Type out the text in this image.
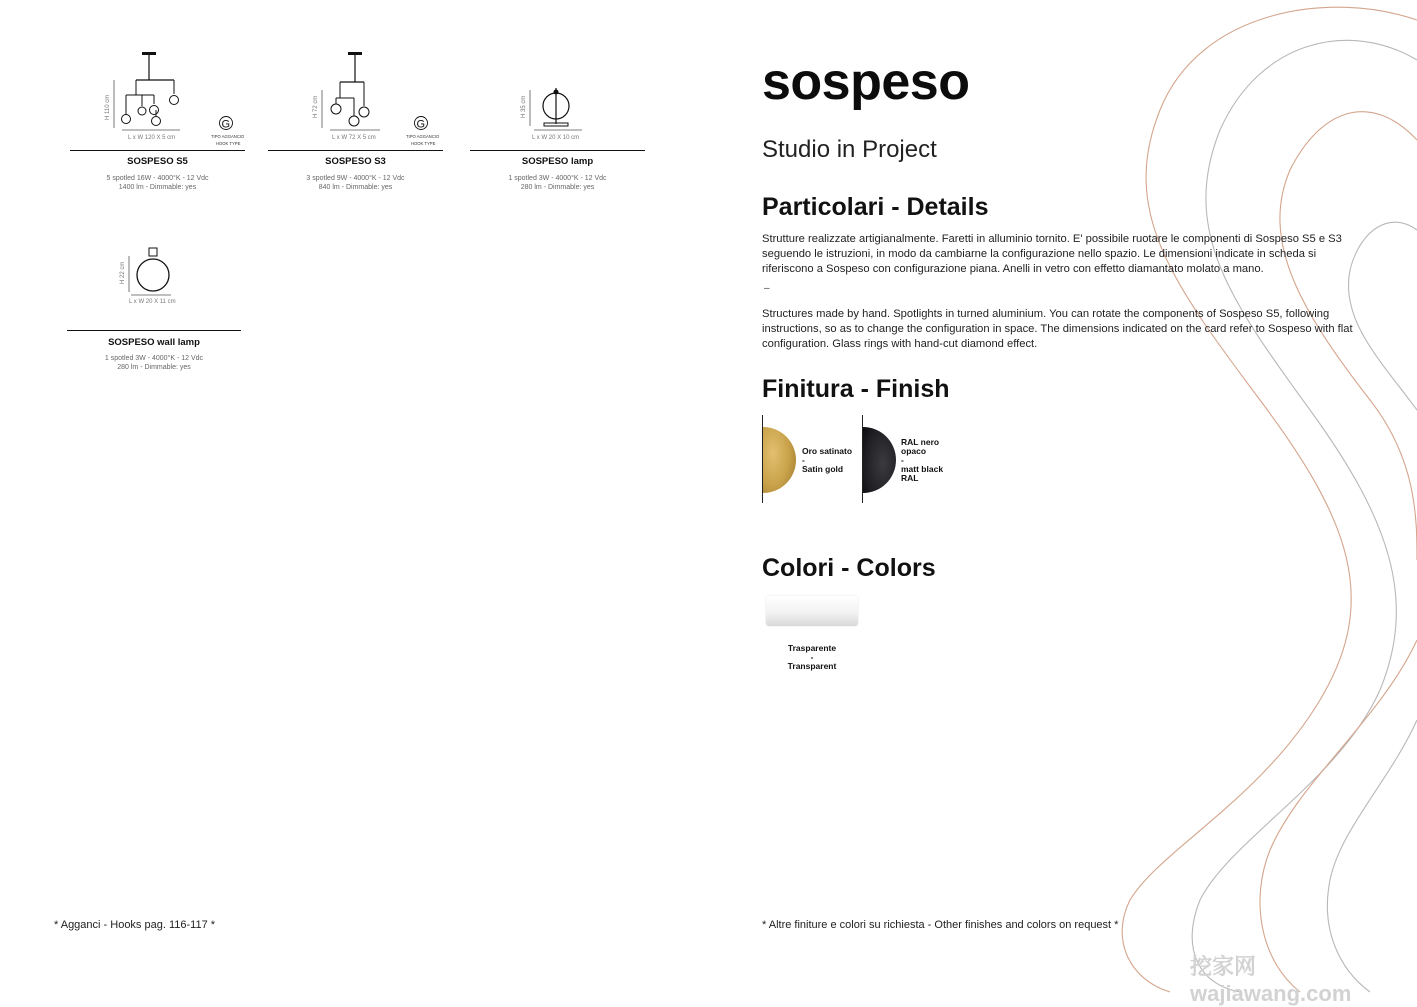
H 110 cm
L x W 120 X 5 cm
G
TIPO AGGANCIO
HOOK TYPE
SOSPESO S5
5 spotled 16W - 4000°K - 12 Vdc
1400 lm - Dimmable: yes
H 72 cm
L x W 72 X 5 cm
G
TIPO AGGANCIO
HOOK TYPE
SOSPESO S3
3 spotled 9W - 4000°K - 12 Vdc
840 lm - Dimmable: yes
H 35 cm
L x W 20 X 10 cm
SOSPESO lamp
1 spotled 3W - 4000°K - 12 Vdc
280 lm - Dimmable: yes
H 22 cm
L x W 20 X 11 cm
SOSPESO wall lamp
1 spotled 3W - 4000°K - 12 Vdc
280 lm - Dimmable: yes
* Agganci - Hooks pag. 116-117 *
sospeso
Studio in Project
Particolari - Details
Strutture realizzate artigianalmente. Faretti in alluminio tornito. E' possibile ruotare le componenti di Sospeso S5 e S3 seguendo le istruzioni, in modo da cambiarne la configurazione nello spazio. Le dimensioni indicate in scheda si riferiscono a Sospeso con configurazione piana. Anelli in vetro con effetto diamantato molato a mano.
–
Structures made by hand. Spotlights in turned aluminium. You can rotate the components of Sospeso S5, following instructions, so as to change the configuration in space. The dimensions indicated on the card refer to Sospeso with flat configuration. Glass rings with hand-cut diamond effect.
Finitura - Finish
Oro satinato
-
Satin gold
RAL nero
opaco
-
matt black
RAL
Colori - Colors
Trasparente
-
Transparent
* Altre finiture e colori su richiesta - Other finishes and colors on request *
挖家网 wajiawang.com
